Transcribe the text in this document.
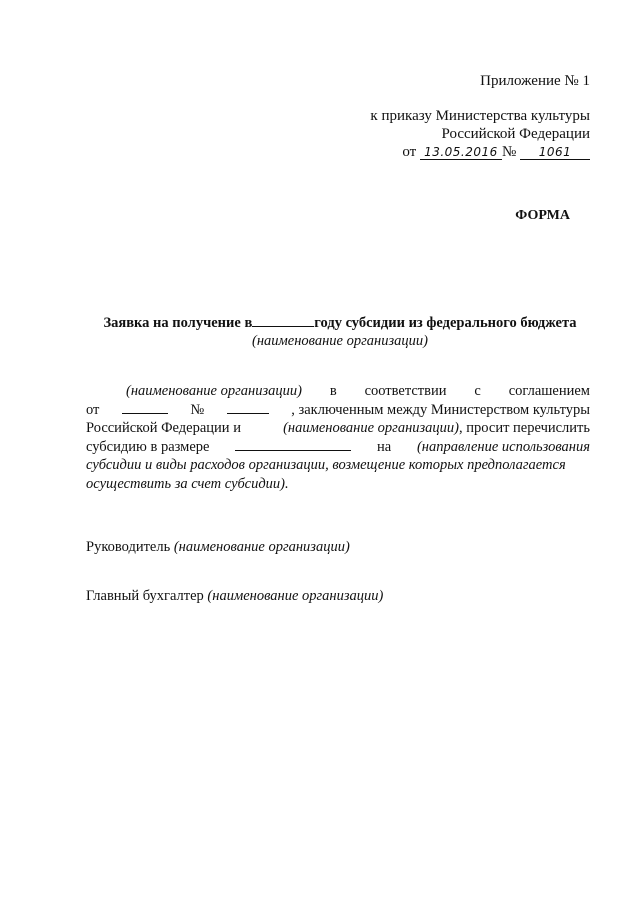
Приложение № 1
к приказу Министерства культуры
Российской Федерации
от 13.05.2016 № 1061
ФОРМА
Заявка на получение в	году субсидии из федерального бюджета
(наименование организации)
(наименование организации) в соответствии с соглашением
от	№	, заключенным между Министерством культуры
Российской Федерации и	(наименование организации), просит перечислить
субсидию в размере	на (направление использования
субсидии и виды расходов организации, возмещение которых предполагается
осуществить за счет субсидии).
Руководитель (наименование организации)
Главный бухгалтер (наименование организации)
